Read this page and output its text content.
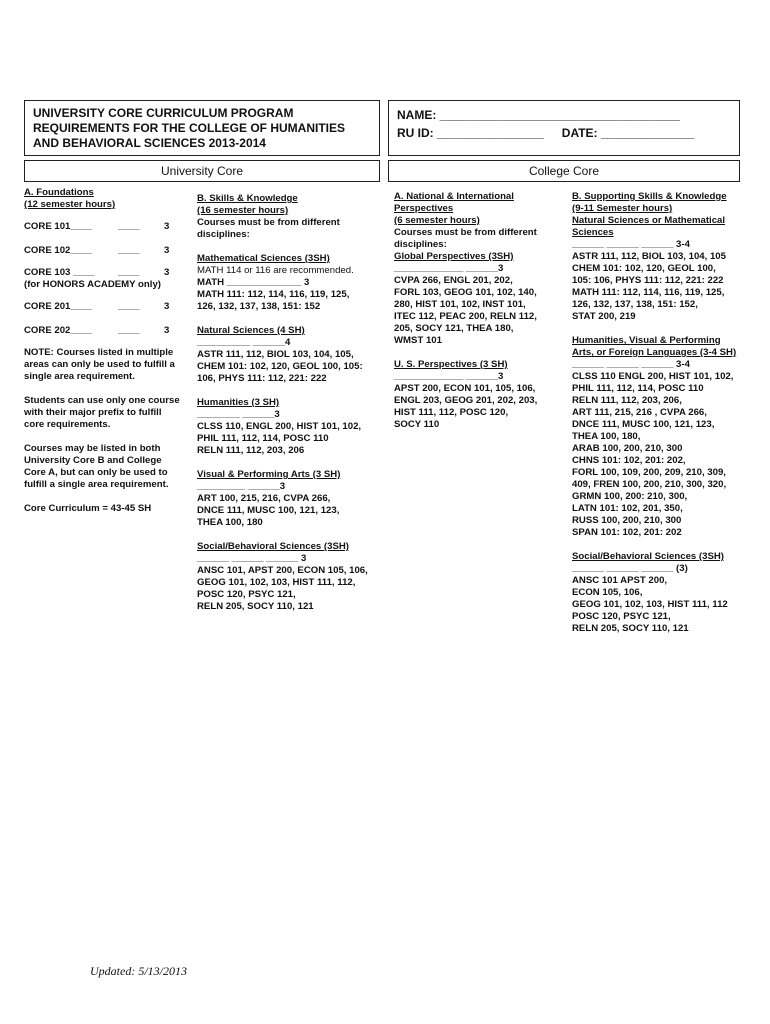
UNIVERSITY CORE CURRICULUM PROGRAM
REQUIREMENTS FOR THE COLLEGE OF HUMANITIES
AND BEHAVIORAL SCIENCES 2013-2014
NAME: ____________________________________
RU ID: ________________ DATE: ______________
University Core	College Core
A. Foundations
(12 semester hours)
CORE 101____	____	3
CORE 102____	____	3
CORE 103 ____	____	3
(for HONORS ACADEMY only)
CORE 201____	____	3
CORE 202____	____	3
NOTE: Courses listed in multiple
areas can only be used to fulfill a
single area requirement.
Students can use only one course
with their major prefix to fulfill
core requirements.
Courses may be listed in both
University Core B and College
Core A, but can only be used to
fulfill a single area requirement.
Core Curriculum = 43-45 SH
B. Skills & Knowledge
(16 semester hours)
Courses must be from different
disciplines:
Mathematical Sciences (3SH)
MATH 114 or 116 are recommended.
MATH ______________ 3
MATH 111: 112, 114, 116, 119, 125,
126, 132, 137, 138, 151: 152
Natural Sciences (4 SH)
__________ ______4
ASTR 111, 112, BIOL 103, 104, 105,
CHEM 101: 102, 120, GEOL 100, 105:
106, PHYS 111: 112, 221: 222
Humanities (3 SH)
________ ______3
CLSS 110, ENGL 200, HIST 101, 102,
PHIL 111, 112, 114, POSC 110
RELN 111, 112, 203, 206
Visual & Performing Arts (3 SH)
_________ ______3
ART 100, 215, 216, CVPA 266,
DNCE 111, MUSC 100, 121, 123,
THEA 100, 180
Social/Behavioral Sciences (3SH)
______ ______ ______ 3
ANSC 101, APST 200, ECON 105, 106,
GEOG 101, 102, 103, HIST 111, 112,
POSC 120, PSYC 121,
RELN 205, SOCY 110, 121
A. National & International
Perspectives
(6 semester hours)
Courses must be from different
disciplines:
Global Perspectives (3SH)
_____________ ______3
CVPA 266, ENGL 201, 202,
FORL 103, GEOG 101, 102, 140,
280, HIST 101, 102, INST 101,
ITEC 112, PEAC 200, RELN 112,
205, SOCY 121, THEA 180,
WMST 101
U. S. Perspectives (3 SH)
_____________ ______3
APST 200, ECON 101, 105, 106,
ENGL 203, GEOG 201, 202, 203,
HIST 111, 112, POSC 120,
SOCY 110
B. Supporting Skills & Knowledge
(9-11 Semester hours)
Natural Sciences or Mathematical
Sciences
______ ______ ______ 3-4
ASTR 111, 112, BIOL 103, 104, 105
CHEM 101: 102, 120, GEOL 100,
105: 106, PHYS 111: 112, 221: 222
MATH 111: 112, 114, 116, 119, 125,
126, 132, 137, 138, 151: 152,
STAT 200, 219
Humanities, Visual & Performing
Arts, or Foreign Languages (3-4 SH)
______ ______ ______ 3-4
CLSS 110 ENGL 200, HIST 101, 102,
PHIL 111, 112, 114, POSC 110
RELN 111, 112, 203, 206,
ART 111, 215, 216 , CVPA 266,
DNCE 111, MUSC 100, 121, 123,
THEA 100, 180,
ARAB 100, 200, 210, 300
CHNS 101: 102, 201: 202,
FORL 100, 109, 200, 209, 210, 309,
409, FREN 100, 200, 210, 300, 320,
GRMN 100, 200: 210, 300,
LATN 101: 102, 201, 350,
RUSS 100, 200, 210, 300
SPAN 101: 102, 201: 202
Social/Behavioral Sciences (3SH)
______ ______ ______ (3)
ANSC 101 APST 200,
ECON 105, 106,
GEOG 101, 102, 103, HIST 111, 112
POSC 120, PSYC 121,
RELN 205, SOCY 110, 121
Updated: 5/13/2013
